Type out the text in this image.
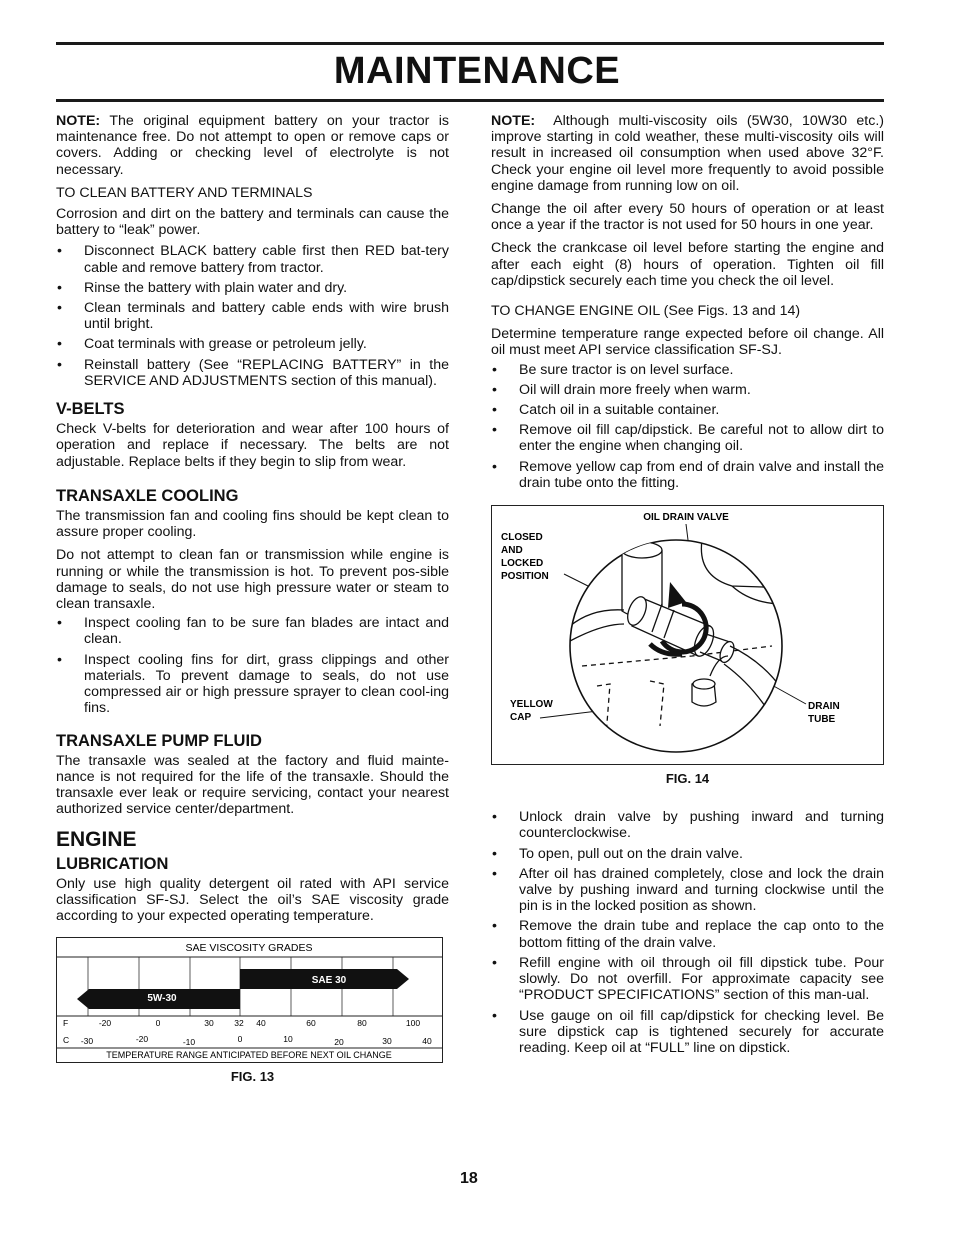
MAINTENANCE

NOTE: The original equipment battery on your tractor is maintenance free. Do not attempt to open or remove caps or covers. Adding or checking level of electrolyte is not necessary.

TO CLEAN BATTERY AND TERMINALS

Corrosion and dirt on the battery and terminals can cause the battery to “leak” power.

• Disconnect BLACK battery cable first then RED bat-tery cable and remove battery from tractor.
• Rinse the battery with plain water and dry.
• Clean terminals and battery cable ends with wire brush until bright.
• Coat terminals with grease or petroleum jelly.
• Reinstall battery (See “REPLACING BATTERY” in the SERVICE AND ADJUSTMENTS section of this manual).
V-BELTS

Check V-belts for deterioration and wear after 100 hours of operation and replace if necessary. The belts are not adjustable. Replace belts if they begin to slip from wear.

TRANSAXLE COOLING

The transmission fan and cooling fins should be kept clean to assure proper cooling.

Do not attempt to clean fan or transmission while engine is running or while the transmission is hot. To prevent pos-sible damage to seals, do not use high pressure water or steam to clean transaxle.

• Inspect cooling fan to be sure fan blades are intact and clean.
• Inspect cooling fins for dirt, grass clippings and other materials. To prevent damage to seals, do not use compressed air or high pressure sprayer to clean cool-ing fins.
TRANSAXLE PUMP FLUID

The transaxle was sealed at the factory and fluid mainte-nance is not required for the life of the transaxle. Should the transaxle ever leak or require servicing, contact your nearest authorized service center/department.

ENGINE
LUBRICATION

Only use high quality detergent oil rated with API service classification SF-SJ. Select the oil’s SAE viscosity grade according to your expected operating temperature.

SAE VISCOSITY GRADES
SAE 30
5W-30
F	-20	0	30 32 40	60	80	100
C -30	-20	-10	0	10	20	30	40
TEMPERATURE RANGE ANTICIPATED BEFORE NEXT OIL CHANGE
FIG. 13

NOTE: Although multi-viscosity oils (5W30, 10W30 etc.) improve starting in cold weather, these multi-viscosity oils will result in increased oil consumption when used above 32°F. Check your engine oil level more frequently to avoid possible engine damage from running low on oil.

Change the oil after every 50 hours of operation or at least once a year if the tractor is not used for 50 hours in one year.

Check the crankcase oil level before starting the engine and after each eight (8) hours of operation. Tighten oil fill cap/dipstick securely each time you check the oil level.

TO CHANGE ENGINE OIL (See Figs. 13 and 14)

Determine temperature range expected before oil change. All oil must meet API service classification SF-SJ.

• Be sure tractor is on level surface.
• Oil will drain more freely when warm.
• Catch oil in a suitable container.
• Remove oil fill cap/dipstick. Be careful not to allow dirt to enter the engine when changing oil.
• Remove yellow cap from end of drain valve and install the drain tube onto the fitting.
OIL DRAIN VALVE
CLOSED
AND
LOCKED
POSITION
YELLOW
CAP
DRAIN
TUBE
FIG. 14
• Unlock drain valve by pushing inward and turning counterclockwise.
• To open, pull out on the drain valve.
• After oil has drained completely, close and lock the drain valve by pushing inward and turning clockwise until the pin is in the locked position as shown.
• Remove the drain tube and replace the cap onto to the bottom fitting of the drain valve.
• Refill engine with oil through oil fill dipstick tube. Pour slowly. Do not overfill. For approximate capacity see “PRODUCT SPECIFICATIONS” section of this man-ual.
• Use gauge on oil fill cap/dipstick for checking level. Be sure dipstick cap is tightened securely for accurate reading. Keep oil at “FULL” line on dipstick.
18
